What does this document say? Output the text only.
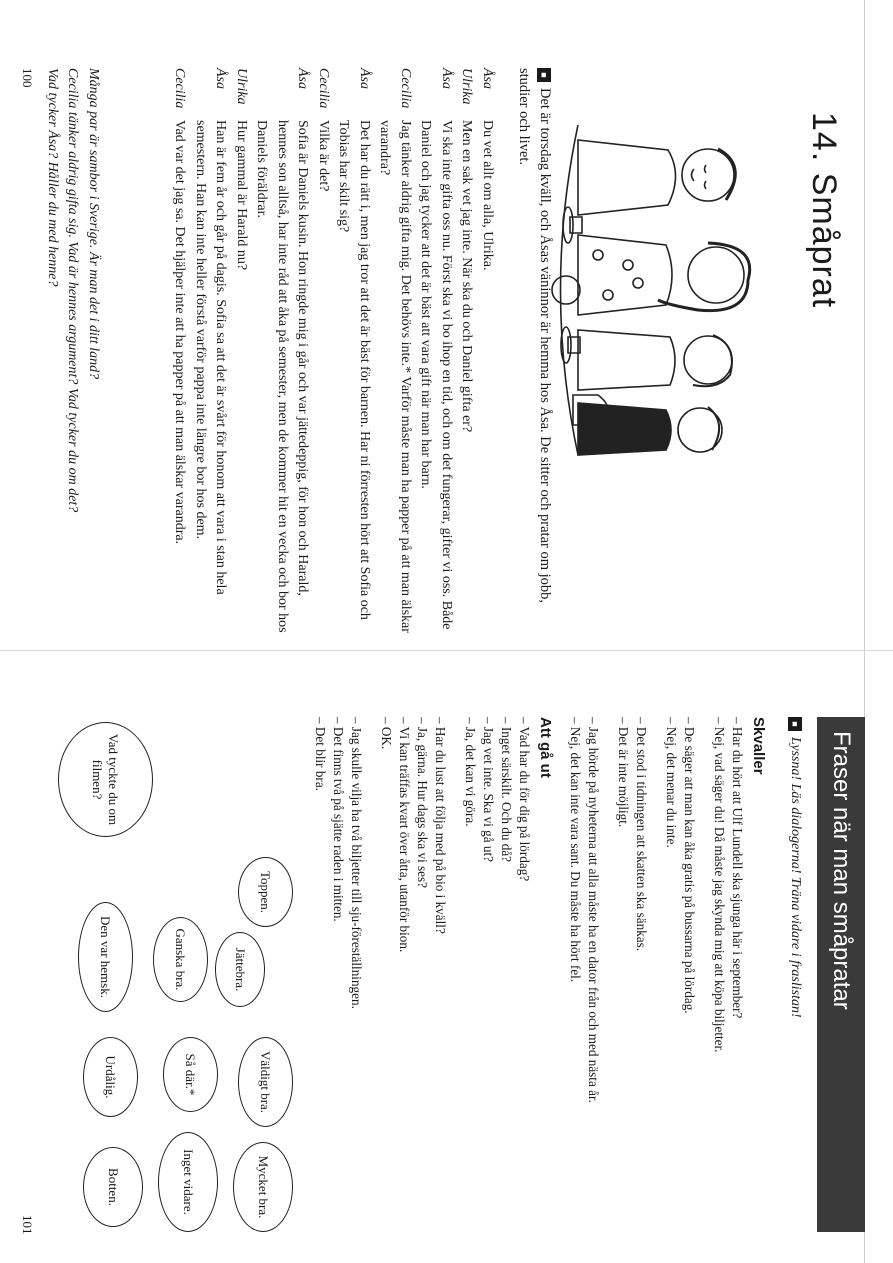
14. Småprat
■Det är torsdag kväll, och Åsas väninnor är hemma hos Åsa. De sitter och pratar om jobb, studier och livet.
Åsa
Du vet allt om alla, Ulrika.
Ulrika
Men en sak vet jag inte. När ska du och Daniel gifta er?
Åsa
Vi ska inte gifta oss nu. Först ska vi bo ihop en tid, och om det fungerar, gifter vi oss. Både Daniel och jag tycker att det är bäst att vara gift när man har barn.
Cecilia
Jag tänker aldrig gifta mig. Det behövs inte.* Varför måste man ha papper på att man älskar varandra?
Åsa
Det har du rätt i, men jag tror att det är bäst för barnen. Har ni förresten hört att Sofia och Tobias har skilt sig?
Cecilia
Vilka är det?
Åsa
Sofia är Daniels kusin. Hon ringde mig i går och var jättedeppig, för hon och Harald, hennes son alltså, har inte råd att åka på semester, men de kommer hit en vecka och bor hos Daniels föräldrar.
Ulrika
Hur gammal är Harald nu?
Åsa
Han är fem år och går på dagis. Sofia sa att det är svårt för honom att vara i stan hela semestern. Han kan inte heller förstå varför pappa inte längre bor hos dem.
Cecilia
Vad var det jag sa. Det hjälper inte att ha papper på att man älskar varandra.
Många par är sambor i Sverige. Är man det i ditt land?
Cecilia tänker aldrig gifta sig. Vad är hennes argument? Vad tycker du om det?
Vad tycker Åsa? Håller du med henne?
100
Fraser när man småpratar
■Lyssna! Läs dialogerna! Träna vidare i fraslistan!
Skvaller
– Har du hört att Ulf Lundell ska sjunga här i september?
– Nej, vad säger du! Då måste jag skynda mig att köpa biljetter.
– De säger att man kan åka gratis på bussarna på lördag.
– Nej, det menar du inte.
– Det stod i tidningen att skatten ska sänkas.
– Det är inte möjligt.
– Jag hörde på nyheterna att alla måste ha en dator från och med nästa år.
– Nej, det kan inte vara sant. Du måste ha hört fel.
Att gå ut
– Vad har du för dig på lördag?
– Inget särskilt. Och du då?
– Jag vet inte. Ska vi gå ut?
– Ja, det kan vi göra.
– Har du lust att följa med på bio i kväll?
– Ja, gärna. Hur dags ska vi ses?
– Vi kan träffas kvart över åtta, utanför bion.
– OK.
– Jag skulle vilja ha två biljetter till sju-föreställningen.
– Det finns två på sjätte raden i mitten.
– Det blir bra.
Vad tyckte du om filmen?
Toppen.
Jättebra.
Väldigt bra.
Mycket bra.
Ganska bra.
Så där.*
Inget vidare.
Den var hemsk.
Urdålig.
Botten.
101
